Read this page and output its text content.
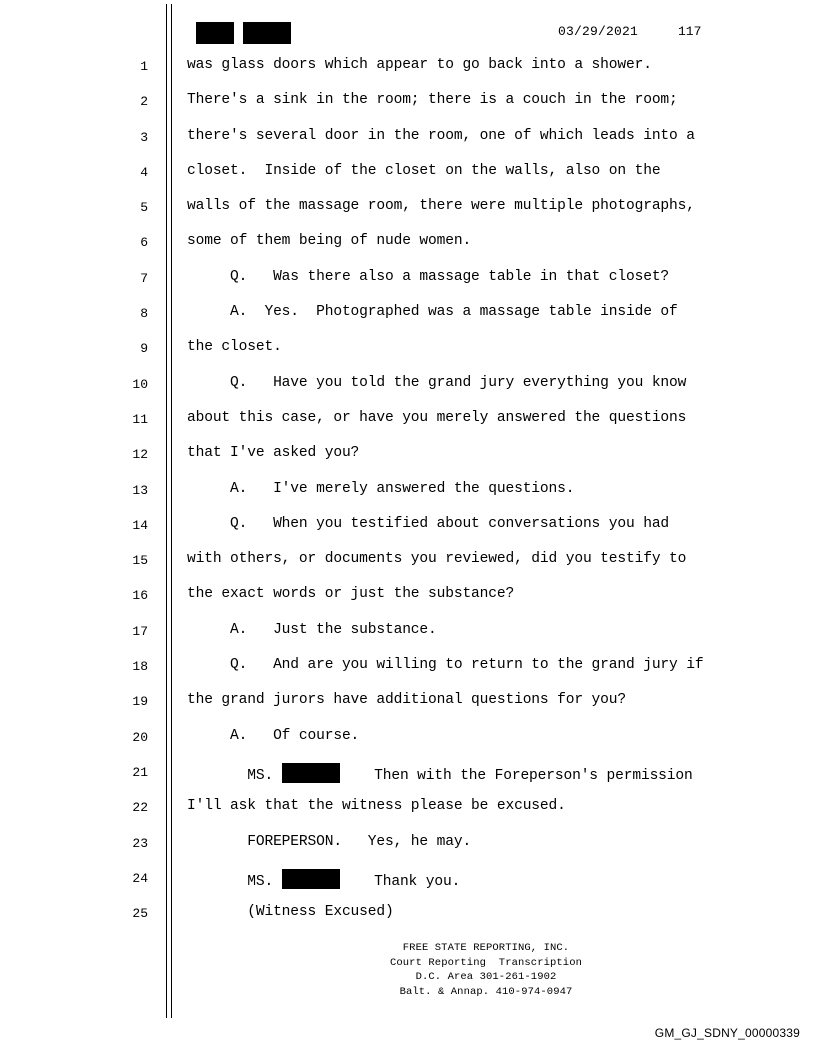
03/29/2021	117
1	was glass doors which appear to go back into a shower.
2	There's a sink in the room; there is a couch in the room;
3	there's several door in the room, one of which leads into a
4	closet.  Inside of the closet on the walls, also on the
5	walls of the massage room, there were multiple photographs,
6	some of them being of nude women.
7	Q.   Was there also a massage table in that closet?
8	A.  Yes.  Photographed was a massage table inside of
9	the closet.
10	Q.   Have you told the grand jury everything you know
11	about this case, or have you merely answered the questions
12	that I've asked you?
13	A.   I've merely answered the questions.
14	Q.   When you testified about conversations you had
15	with others, or documents you reviewed, did you testify to
16	the exact words or just the substance?
17	A.   Just the substance.
18	Q.   And are you willing to return to the grand jury if
19	the grand jurors have additional questions for you?
20	A.   Of course.
21	MS.	Then with the Foreperson's permission
22	I'll ask that the witness please be excused.
23	FOREPERSON.   Yes, he may.
24	MS.	Thank you.
25	(Witness Excused)
FREE STATE REPORTING, INC.
Court Reporting  Transcription
D.C. Area 301-261-1902
Balt. & Annap. 410-974-0947
GM_GJ_SDNY_00000339
